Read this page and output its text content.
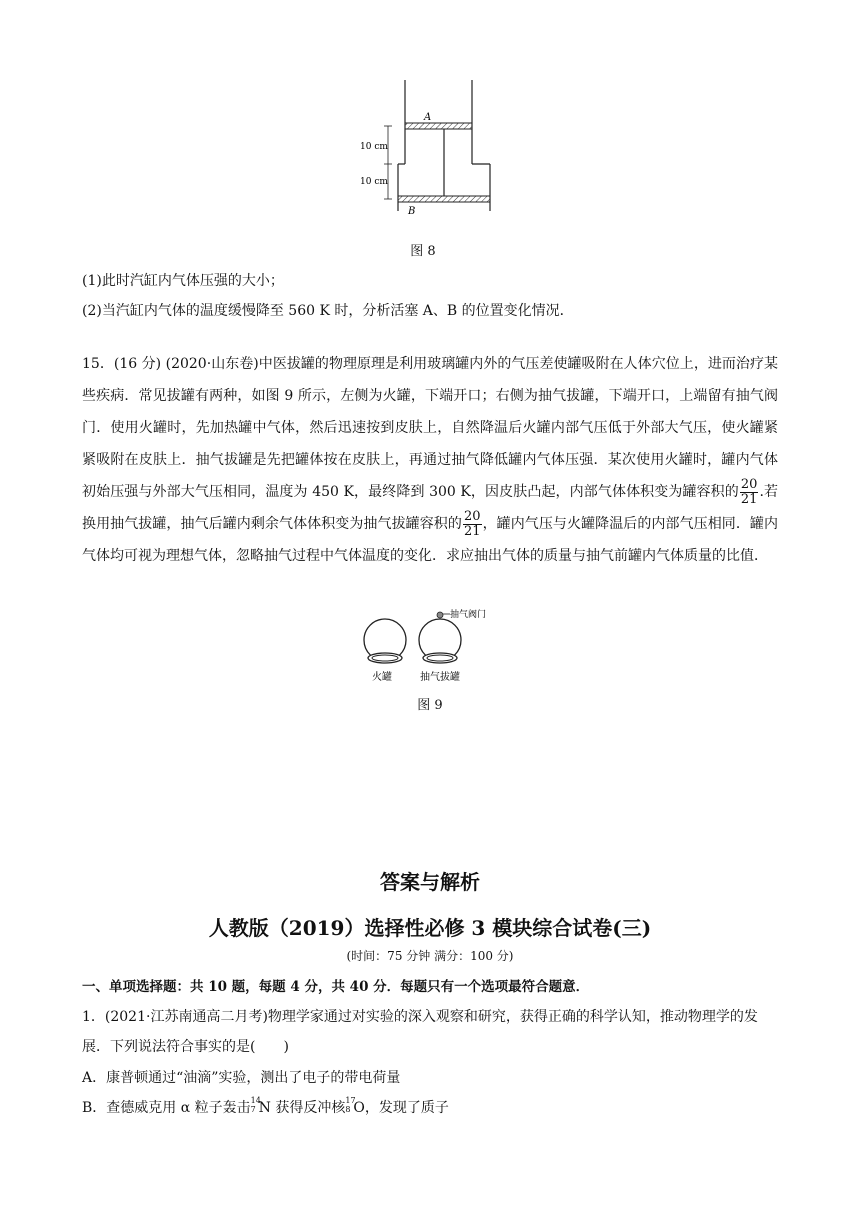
A
B
10 cm
10 cm
图 8
(1)此时汽缸内气体压强的大小；
(2)当汽缸内气体的温度缓慢降至 560 K 时，分析活塞 A、B 的位置变化情况．
15．(16 分) (2020·山东卷)中医拔罐的物理原理是利用玻璃罐内外的气压差使罐吸附在人体穴位上，进而治疗某些疾病．常见拔罐有两种，如图 9 所示，左侧为火罐，下端开口；右侧为抽气拔罐，下端开口，上端留有抽气阀门．使用火罐时，先加热罐中气体，然后迅速按到皮肤上，自然降温后火罐内部气压低于外部大气压，使火罐紧紧吸附在皮肤上．抽气拔罐是先把罐体按在皮肤上，再通过抽气降低罐内气体压强．某次使用火罐时，罐内气体初始压强与外部大气压相同，温度为 450 K，最终降到 300 K，因皮肤凸起，内部气体体积变为罐容积的 $\frac{20}{21}$ .若换用抽气拔罐，抽气后罐内剩余气体体积变为抽气拔罐容积的 $\frac{20}{21}$ ，罐内气压与火罐降温后的内部气压相同．罐内气体均可视为理想气体，忽略抽气过程中气体温度的变化．求应抽出气体的质量与抽气前罐内气体质量的比值．
抽气阀门
火罐	抽气拔罐
图 9
答案与解析
人教版（2019）选择性必修 3 模块综合试卷(三)
(时间：75 分钟 满分：100 分)
一、单项选择题：共 10 题，每题 4 分，共 40 分．每题只有一个选项最符合题意．
1．(2021·江苏南通高二月考)物理学家通过对实验的深入观察和研究，获得正确的科学认知，推动物理学的发展．下列说法符合事实的是(　　)
A．康普顿通过“油滴”实验，测出了电子的带电荷量
B．查德威克用 α 粒子轰击 14
7 N 获得反冲核 17
8 O，发现了质子
